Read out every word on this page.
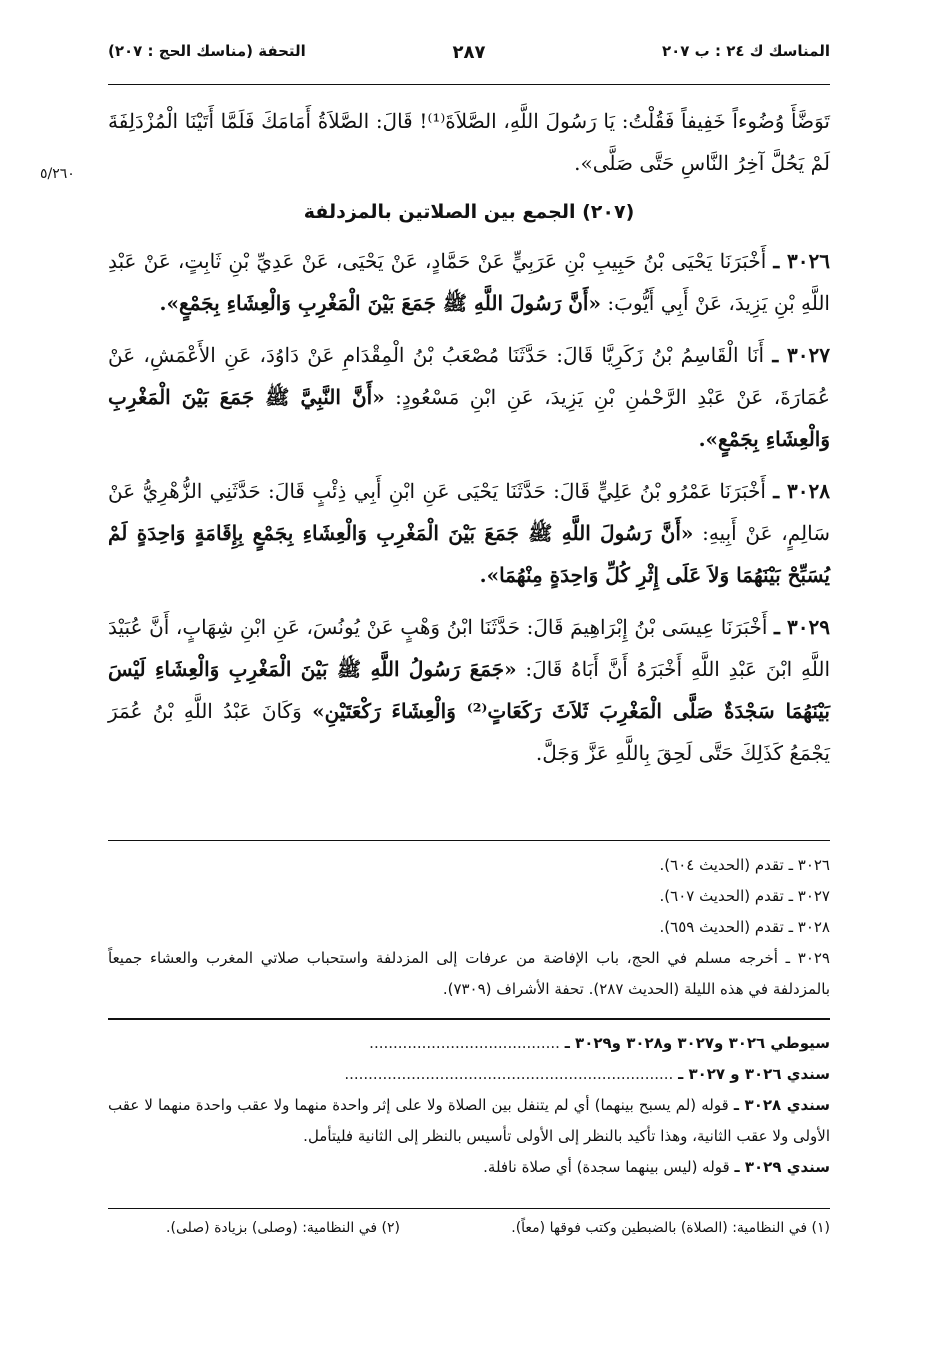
المناسك ك ٢٤ : ب ٢٠٧
٢٨٧
التحفة (مناسك الحج : ٢٠٧)
٥/٢٦٠

تَوَضَّأَ وُضُوءاً خَفِيفاً فَقُلْتُ: يَا رَسُولَ اللَّهِ، الصَّلاَةَ⁽¹⁾! قَالَ: الصَّلاَةُ أَمَامَكَ فَلَمَّا أَتَيْنَا الْمُزْدَلِفَةَ لَمْ يَحُلَّ آخِرُ النَّاسِ حَتَّى صَلَّى».

(٢٠٧) الجمع بين الصلاتين بالمزدلفة

٣٠٢٦ ـ أَخْبَرَنَا يَحْيَى بْنُ حَبِيبِ بْنِ عَرَبِيٍّ عَنْ حَمَّادٍ، عَنْ يَحْيَى، عَنْ عَدِيِّ بْنِ ثَابِتٍ، عَنْ عَبْدِ اللَّهِ بْنِ يَزِيدَ، عَنْ أَبِي أَيُّوبَ: «أَنَّ رَسُولَ اللَّهِ ﷺ جَمَعَ بَيْنَ الْمَغْرِبِ وَالْعِشَاءِ بِجَمْعٍ».

٣٠٢٧ ـ أَنَا الْقَاسِمُ بْنُ زَكَرِيَّا قَالَ: حَدَّثَنَا مُصْعَبُ بْنُ الْمِقْدَامِ عَنْ دَاوُدَ، عَنِ الأَعْمَشِ، عَنْ عُمَارَةَ، عَنْ عَبْدِ الرَّحْمٰنِ بْنِ يَزِيدَ، عَنِ ابْنِ مَسْعُودٍ: «أَنَّ النَّبِيَّ ﷺ جَمَعَ بَيْنَ الْمَغْرِبِ وَالْعِشَاءِ بِجَمْعٍ».

٣٠٢٨ ـ أَخْبَرَنَا عَمْرُو بْنُ عَلِيٍّ قَالَ: حَدَّثَنَا يَحْيَى عَنِ ابْنِ أَبِي ذِئْبٍ قَالَ: حَدَّثَنِي الزُّهْرِيُّ عَنْ سَالِمٍ، عَنْ أَبِيهِ: «أَنَّ رَسُولَ اللَّهِ ﷺ جَمَعَ بَيْنَ الْمَغْرِبِ وَالْعِشَاءِ بِجَمْعٍ بِإِقَامَةٍ وَاحِدَةٍ لَمْ يُسَبِّحْ بَيْنَهُمَا وَلاَ عَلَى إِثْرِ كُلِّ وَاحِدَةٍ مِنْهُمَا».

٣٠٢٩ ـ أَخْبَرَنَا عِيسَى بْنُ إِبْرَاهِيمَ قَالَ: حَدَّثَنَا ابْنُ وَهْبٍ عَنْ يُونُسَ، عَنِ ابْنِ شِهَابٍ، أَنَّ عُبَيْدَ اللَّهِ ابْنَ عَبْدِ اللَّهِ أَخْبَرَهُ أَنَّ أَبَاهُ قَالَ: «جَمَعَ رَسُولُ اللَّهِ ﷺ بَيْنَ الْمَغْرِبِ وَالْعِشَاءِ لَيْسَ بَيْنَهُمَا سَجْدَةٌ صَلَّى الْمَغْرِبَ ثَلاَثَ رَكَعَاتٍ⁽²⁾ وَالْعِشَاءَ رَكْعَتَيْنِ» وَكَانَ عَبْدُ اللَّهِ بْنُ عُمَرَ يَجْمَعُ كَذَلِكَ حَتَّى لَحِقَ بِاللَّهِ عَزَّ وَجَلَّ.

٣٠٢٦ ـ تقدم (الحديث ٦٠٤).

٣٠٢٧ ـ تقدم (الحديث ٦٠٧).

٣٠٢٨ ـ تقدم (الحديث ٦٥٩).

٣٠٢٩ ـ أخرجه مسلم في الحج، باب الإفاضة من عرفات إلى المزدلفة واستحباب صلاتي المغرب والعشاء جميعاً بالمزدلفة في هذه الليلة (الحديث ٢٨٧). تحفة الأشراف (٧٣٠٩).

سيوطي ٣٠٢٦ و٣٠٢٧ و٣٠٢٨ و٣٠٢٩ ـ ........................................

سندي ٣٠٢٦ و ٣٠٢٧ ـ .....................................................................

سندي ٣٠٢٨ ـ قوله (لم يسبح بينهما) أي لم يتنفل بين الصلاة ولا على إثر واحدة منهما ولا عقب واحدة منهما لا عقب الأولى ولا عقب الثانية، وهذا تأكيد بالنظر إلى الأولى تأسيس بالنظر إلى الثانية فليتأمل.

سندي ٣٠٢٩ ـ قوله (ليس بينهما سجدة) أي صلاة نافلة.

(١) في النظامية: (الصلاة) بالضبطين وكتب فوقها (معاً).
(٢) في النظامية: (وصلى) بزيادة (صلى).
